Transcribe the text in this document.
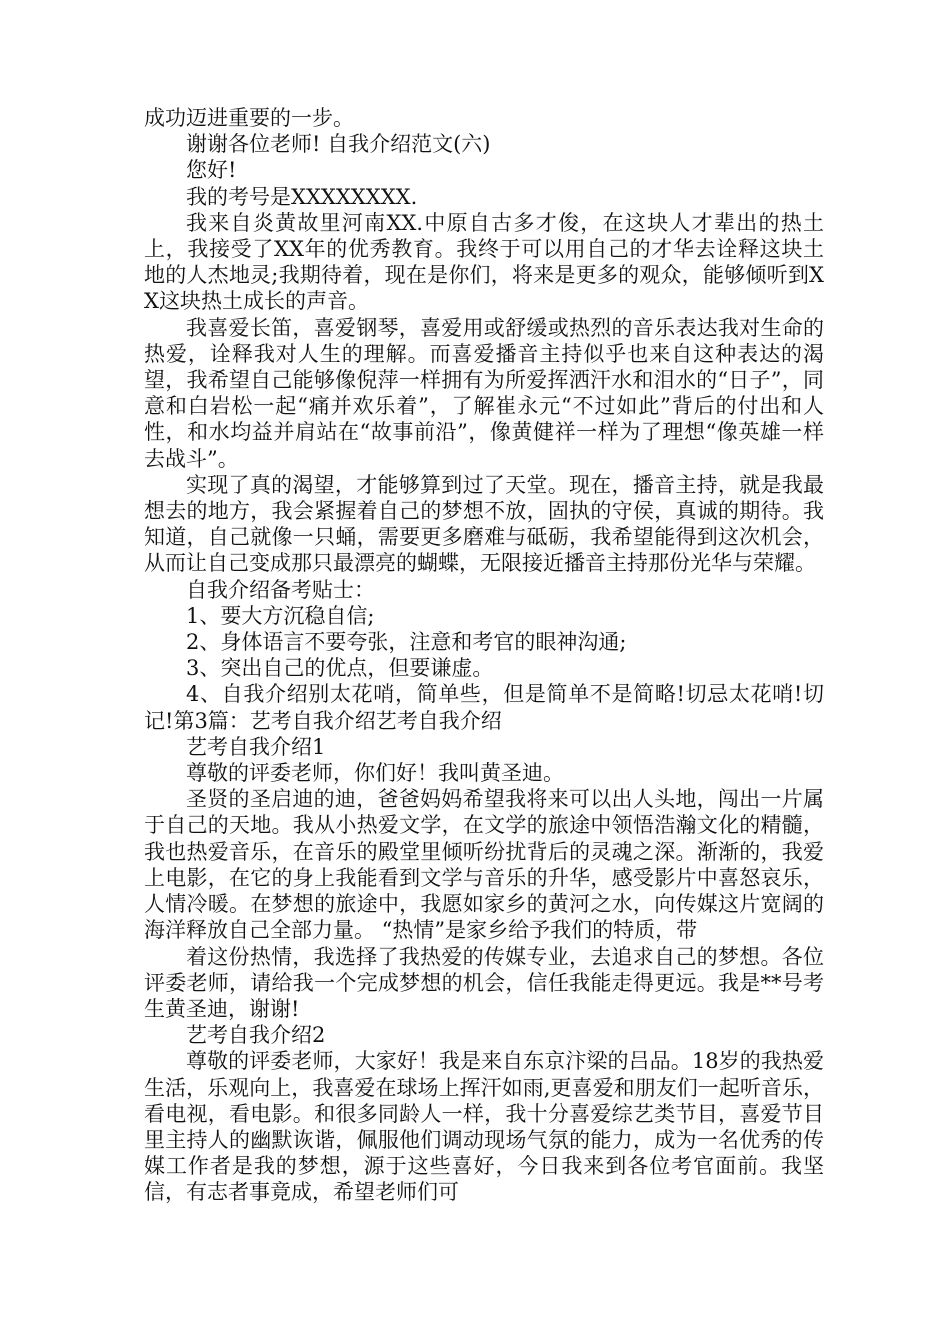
成功迈进重要的一步。

谢谢各位老师! 自我介绍范文(六)

您好!

我的考号是XXXXXXXX.

我来自炎黄故里河南XX.中原自古多才俊，在这块人才辈出的热土上，我接受了XX年的优秀教育。我终于可以用自己的才华去诠释这块土地的人杰地灵;我期待着，现在是你们，将来是更多的观众，能够倾听到XX这块热土成长的声音。

我喜爱长笛，喜爱钢琴，喜爱用或舒缓或热烈的音乐表达我对生命的热爱，诠释我对人生的理解。而喜爱播音主持似乎也来自这种表达的渴望，我希望自己能够像倪萍一样拥有为所爱挥洒汗水和泪水的“日子”，同意和白岩松一起“痛并欢乐着”，了解崔永元“不过如此”背后的付出和人性，和水均益并肩站在“故事前沿”，像黄健祥一样为了理想“像英雄一样去战斗”。

实现了真的渴望，才能够算到过了天堂。现在，播音主持，就是我最想去的地方，我会紧握着自己的梦想不放，固执的守侯，真诚的期待。我知道，自己就像一只蛹，需要更多磨难与砥砺，我希望能得到这次机会，从而让自己变成那只最漂亮的蝴蝶，无限接近播音主持那份光华与荣耀。

自我介绍备考贴士：

1、要大方沉稳自信;

2、身体语言不要夸张，注意和考官的眼神沟通;

3、突出自己的优点，但要谦虚。

4、自我介绍别太花哨，简单些，但是简单不是简略!切忌太花哨!切记!第3篇：艺考自我介绍艺考自我介绍

艺考自我介绍1

尊敬的评委老师，你们好！我叫黄圣迪。

圣贤的圣启迪的迪，爸爸妈妈希望我将来可以出人头地，闯出一片属于自己的天地。我从小热爱文学，在文学的旅途中领悟浩瀚文化的精髓，我也热爱音乐，在音乐的殿堂里倾听纷扰背后的灵魂之深。渐渐的，我爱上电影，在它的身上我能看到文学与音乐的升华，感受影片中喜怒哀乐，人情冷暖。在梦想的旅途中，我愿如家乡的黄河之水，向传媒这片宽阔的海洋释放自己全部力量。 “热情”是家乡给予我们的特质，带

着这份热情，我选择了我热爱的传媒专业，去追求自己的梦想。各位评委老师，请给我一个完成梦想的机会，信任我能走得更远。我是**号考生黄圣迪，谢谢!

艺考自我介绍2

尊敬的评委老师，大家好！我是来自东京汴梁的吕品。18岁的我热爱生活，乐观向上，我喜爱在球场上挥汗如雨,更喜爱和朋友们一起听音乐，看电视，看电影。和很多同龄人一样，我十分喜爱综艺类节目，喜爱节目里主持人的幽默诙谐，佩服他们调动现场气氛的能力，成为一名优秀的传媒工作者是我的梦想，源于这些喜好，今日我来到各位考官面前。我坚信，有志者事竟成，希望老师们可
